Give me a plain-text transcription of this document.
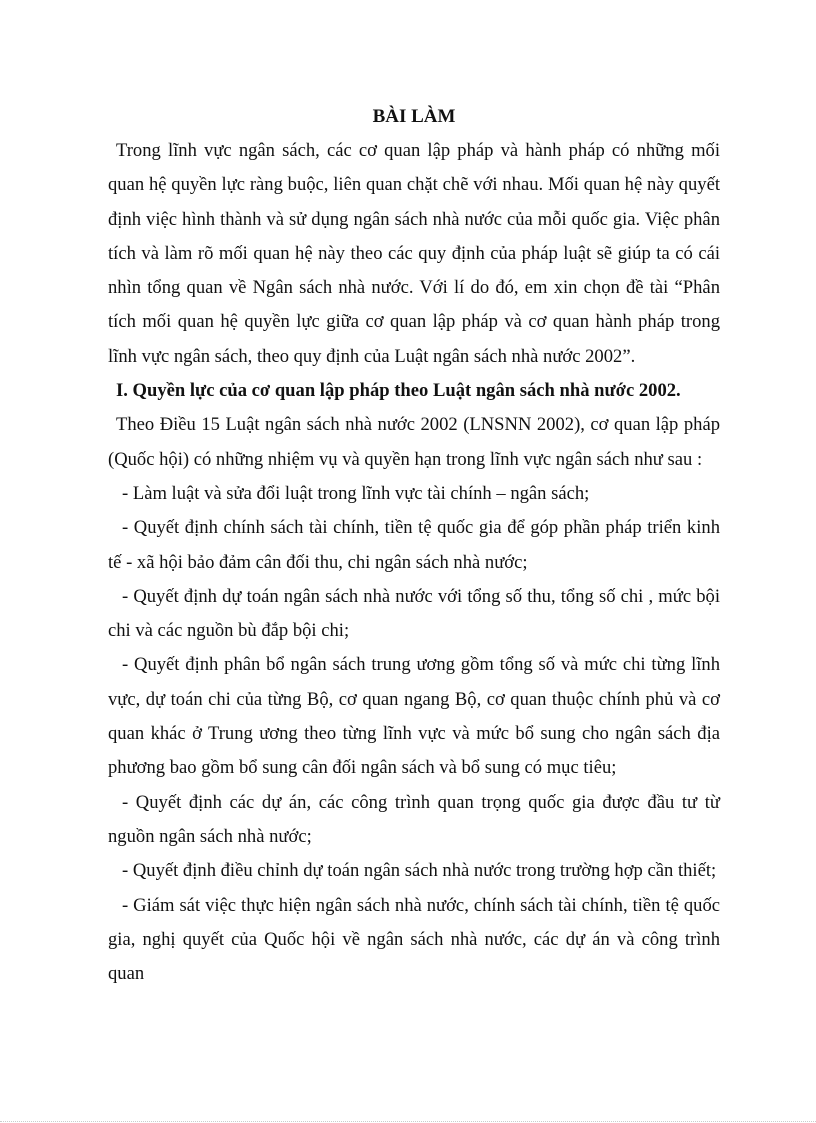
BÀI LÀM

Trong lĩnh vực ngân sách, các cơ quan lập pháp và hành pháp có những mối quan hệ quyền lực ràng buộc, liên quan chặt chẽ với nhau. Mối quan hệ này quyết định việc hình thành và sử dụng ngân sách nhà nước của mỗi quốc gia. Việc phân tích và làm rõ mối quan hệ này theo các quy định của pháp luật sẽ giúp ta có cái nhìn tổng quan về Ngân sách nhà nước. Với lí do đó, em xin chọn đề tài “Phân tích mối quan hệ quyền lực giữa cơ quan lập pháp và cơ quan hành pháp trong lĩnh vực ngân sách, theo quy định của Luật ngân sách nhà nước 2002”.

I. Quyền lực của cơ quan lập pháp theo Luật ngân sách nhà nước 2002.

Theo Điều 15 Luật ngân sách nhà nước 2002 (LNSNN 2002), cơ quan lập pháp (Quốc hội) có những nhiệm vụ và quyền hạn trong lĩnh vực ngân sách như sau :

- Làm luật và sửa đổi luật trong lĩnh vực tài chính – ngân sách;

- Quyết định chính sách tài chính, tiền tệ quốc gia để góp phần pháp triển kinh tế - xã hội bảo đảm cân đối thu, chi ngân sách nhà nước;

- Quyết định dự toán ngân sách nhà nước với tổng số thu, tổng số chi , mức bội chi và các nguồn bù đắp bội chi;

- Quyết định phân bổ ngân sách trung ương gồm tổng số và mức chi từng lĩnh vực, dự toán chi của từng Bộ, cơ quan ngang Bộ, cơ quan thuộc chính phủ và cơ quan khác ở Trung ương theo từng lĩnh vực và mức bổ sung cho ngân sách địa phương bao gồm bổ sung cân đối ngân sách và bổ sung có mục tiêu;

- Quyết định các dự án, các công trình quan trọng quốc gia được đầu tư từ nguồn ngân sách nhà nước;

- Quyết định điều chỉnh dự toán ngân sách nhà nước trong trường hợp cần thiết;

- Giám sát việc thực hiện ngân sách nhà nước, chính sách tài chính, tiền tệ quốc gia, nghị quyết của Quốc hội về ngân sách nhà nước, các dự án và công trình quan
